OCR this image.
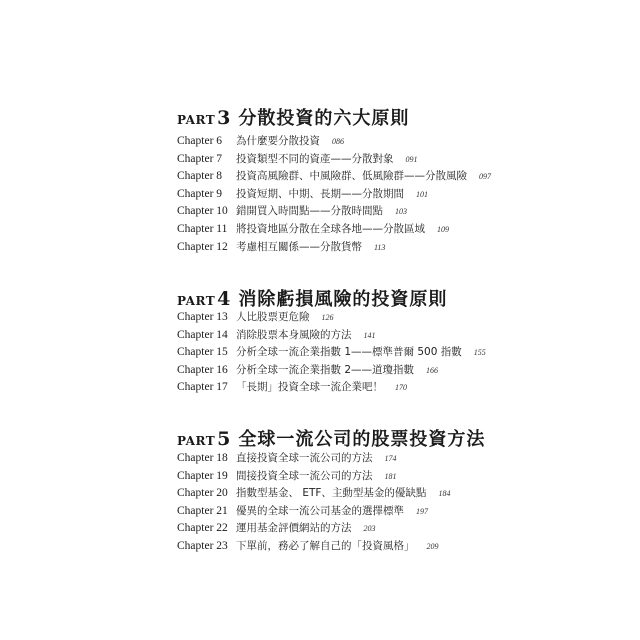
PART 3 分散投資的六大原則
Chapter 6	為什麼要分散投資 086
Chapter 7	投資類型不同的資產——分散對象 091
Chapter 8	投資高風險群、中風險群、低風險群——分散風險 097
Chapter 9	投資短期、中期、長期——分散期間 101
Chapter 10 錯開買入時間點——分散時間點 103
Chapter 11 將投資地區分散在全球各地——分散區域 109
Chapter 12 考慮相互關係——分散貨幣 113
PART 4 消除虧損風險的投資原則
Chapter 13 人比股票更危險 126
Chapter 14 消除股票本身風險的方法 141
Chapter 15 分析全球一流企業指數 1——標準普爾 500 指數 155
Chapter 16 分析全球一流企業指數 2——道瓊指數 166
Chapter 17 「長期」投資全球一流企業吧！ 170
PART 5 全球一流公司的股票投資方法
Chapter 18 直接投資全球一流公司的方法 174
Chapter 19 間接投資全球一流公司的方法 181
Chapter 20 指數型基金、 ETF、主動型基金的優缺點 184
Chapter 21 優異的全球一流公司基金的選擇標準 197
Chapter 22 運用基金評價網站的方法 203
Chapter 23 下單前，務必了解自己的「投資風格」 209
